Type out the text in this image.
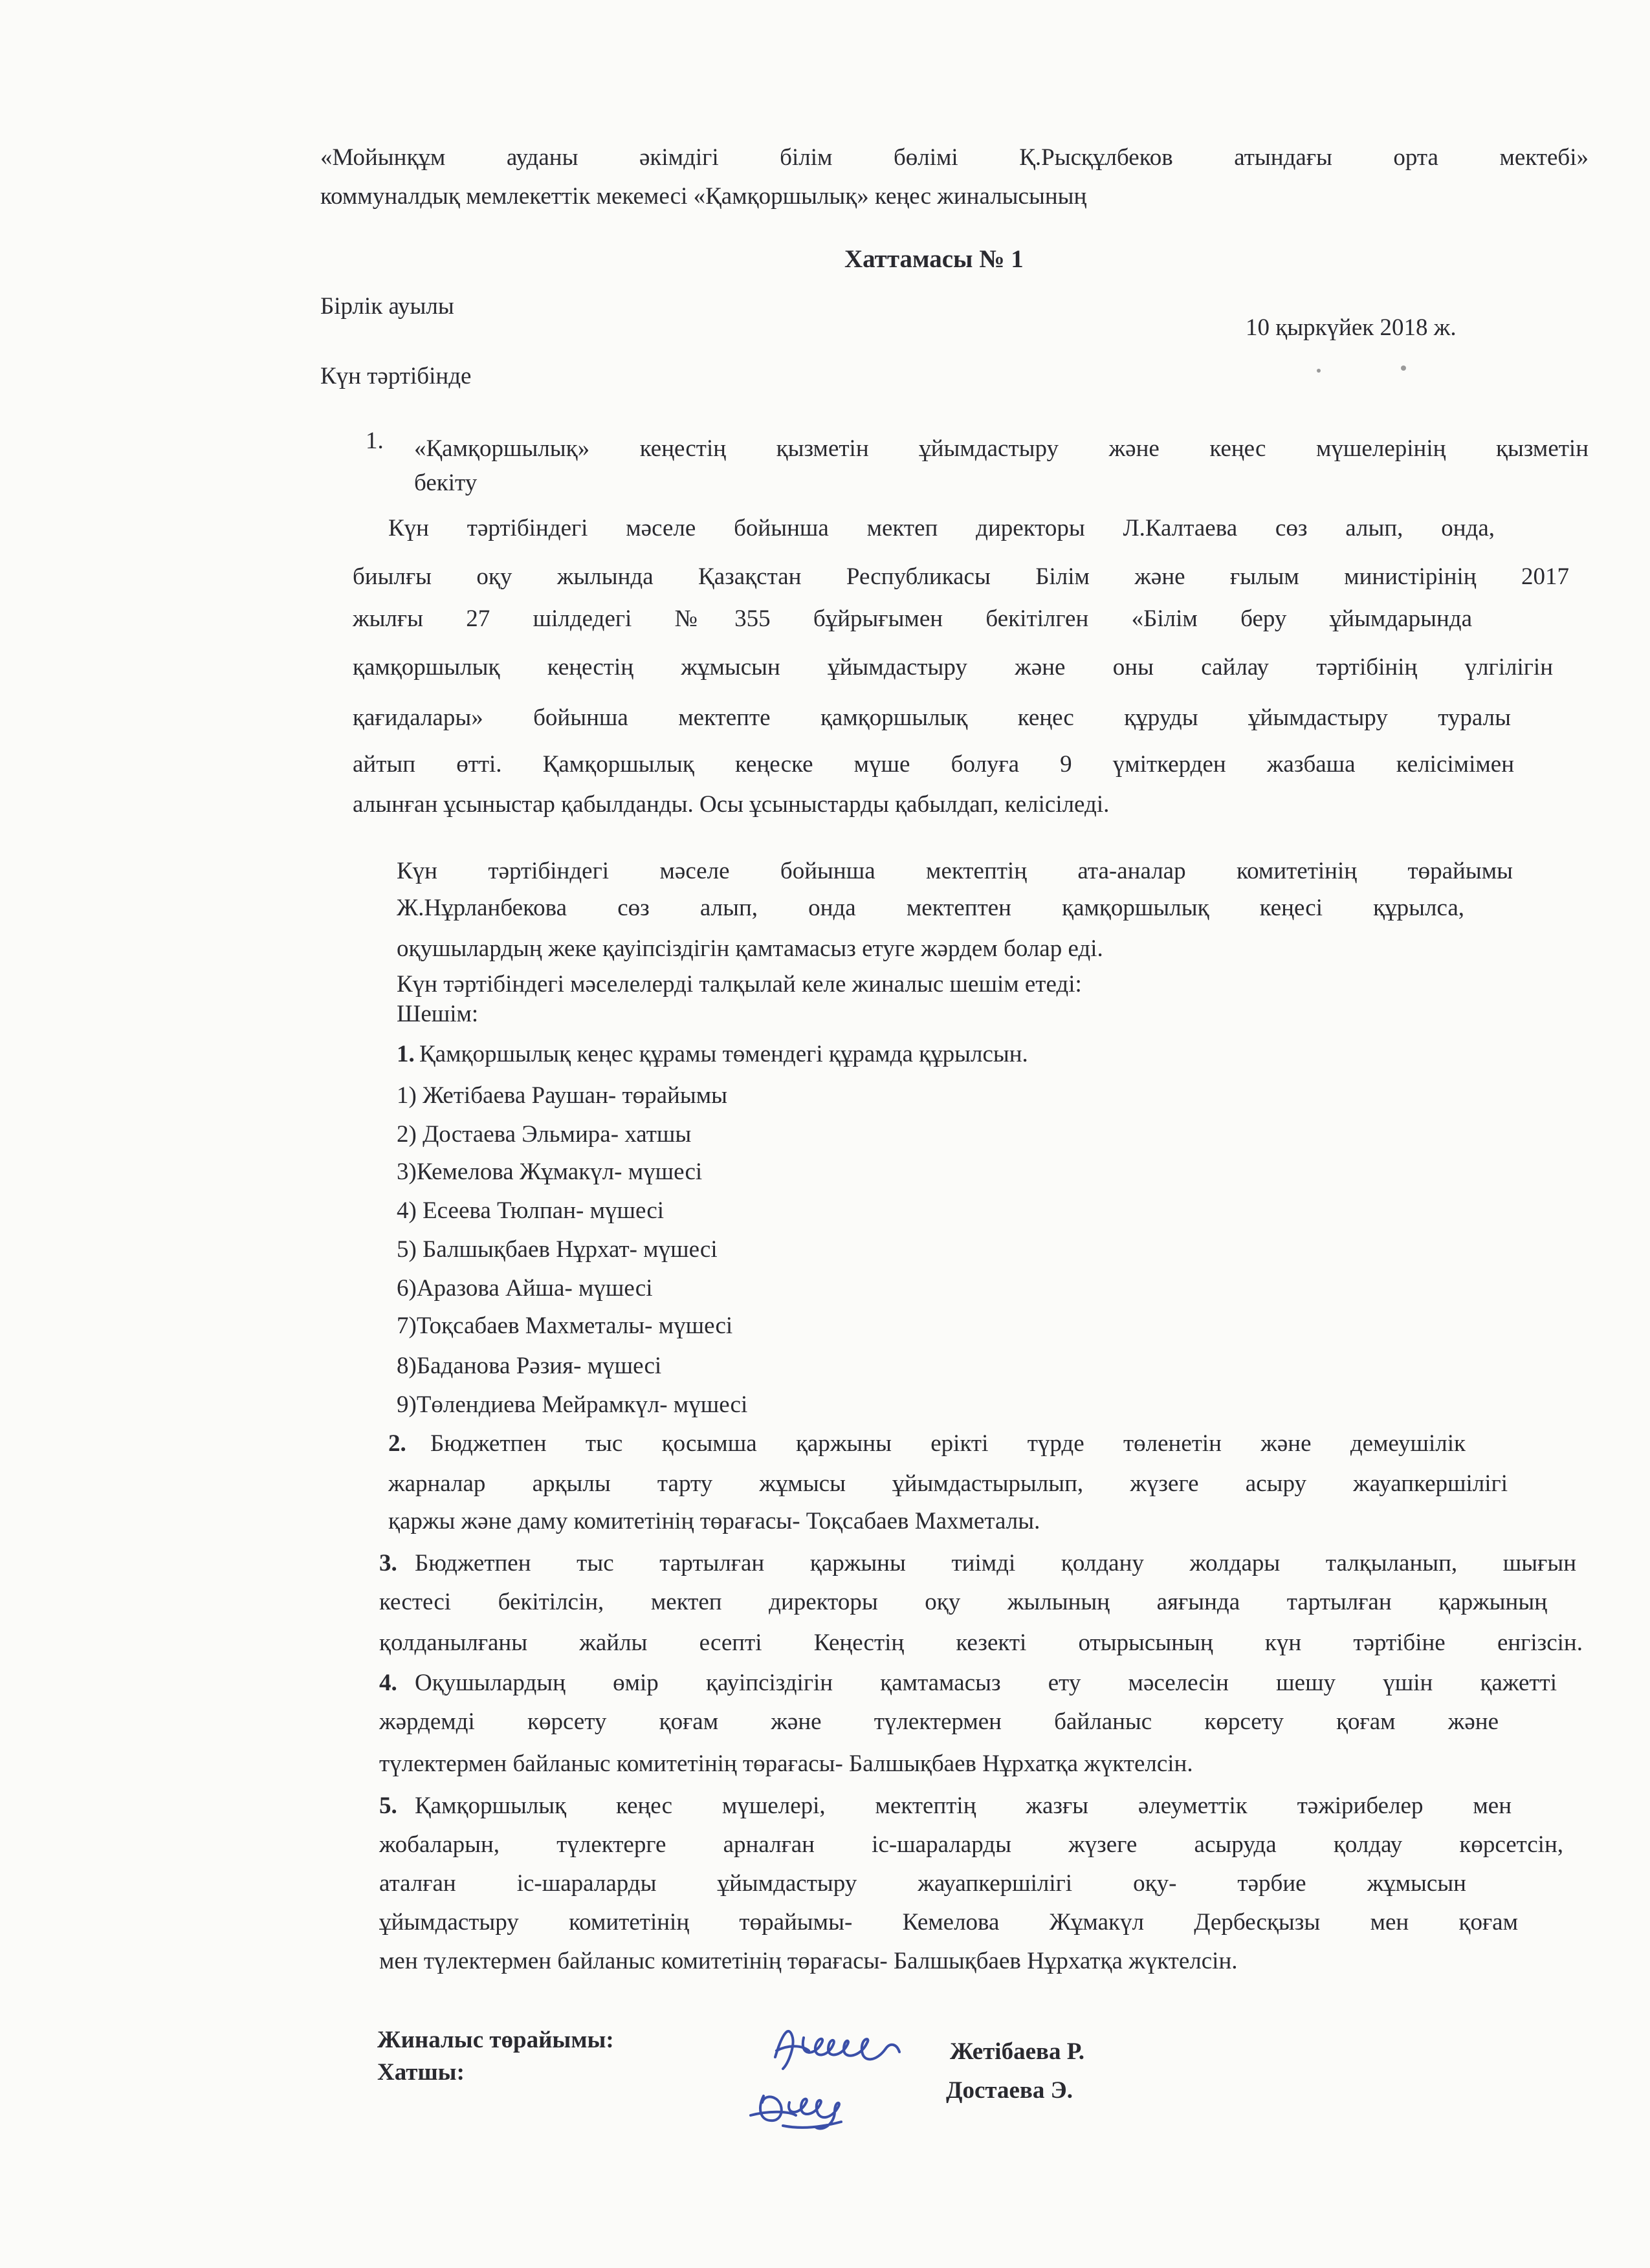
«Мойынқұм ауданы әкімдігі білім бөлімі Қ.Рысқұлбеков атындағы орта мектебі»
коммуналдық мемлекеттік мекемесі «Қамқоршылық» кеңес жиналысының
Хаттамасы № 1
Бірлік ауылы
10 қыркүйек 2018 ж.
Күн тәртібінде
1. «Қамқоршылық» кеңестің қызметін ұйымдастыру және кеңес мүшелерінің қызметін
бекіту
Күн тәртібіндегі мәселе бойынша мектеп директоры Л.Калтаева сөз алып, онда,
биылғы оқу жылында Қазақстан Республикасы Білім және ғылым министірінің 2017
жылғы 27 шілдедегі №355 бұйрығымен бекітілген «Білім беру ұйымдарында
қамқоршылық кеңестің жұмысын ұйымдастыру және оны сайлау тәртібінің үлгілігін
қағидалары» бойынша мектепте қамқоршылық кеңес құруды ұйымдастыру туралы
айтып өтті. Қамқоршылық кеңеске мүше болуға 9 үміткерден жазбаша келісімімен
алынған ұсыныстар қабылданды. Осы ұсыныстарды қабылдап, келісіледі.
Күн тәртібіндегі мәселе бойынша мектептің ата-аналар комитетінің төрайымы
Ж.Нұрланбекова сөз алып, онда мектептен қамқоршылық кеңесі құрылса,
оқушылардың жеке қауіпсіздігін қамтамасыз етуге жәрдем болар еді.
Күн тәртібіндегі мәселелерді талқылай келе жиналыс шешім етеді:
Шешім:
1. Қамқоршылық кеңес құрамы төмендегі құрамда құрылсын.
1) Жетібаева Раушан- төрайымы
2) Достаева Эльмира- хатшы
3)Кемелова Жұмакүл- мүшесі
4) Есеева Тюлпан- мүшесі
5) Балшықбаев Нұрхат- мүшесі
6)Аразова Айша- мүшесі
7)Тоқсабаев Махметалы- мүшесі
8)Баданова Рәзия- мүшесі
9)Төлендиева Мейрамкүл- мүшесі
2. Бюджетпен тыс қосымша қаржыны ерікті түрде төленетін және демеушілік
жарналар арқылы тарту жұмысы ұйымдастырылып, жүзеге асыру жауапкершілігі
қаржы және даму комитетінің төрағасы- Тоқсабаев Махметалы.
3. Бюджетпен тыс тартылған қаржыны тиімді қолдану жолдары талқыланып, шығын
кестесі бекітілсін, мектеп директоры оқу жылының аяғында тартылған қаржының
қолданылғаны жайлы есепті Кеңестің кезекті отырысының күн тәртібіне енгізсін.
4. Оқушылардың өмір қауіпсіздігін қамтамасыз ету мәселесін шешу үшін қажетті
жәрдемді көрсету қоғам және түлектермен байланыс көрсету қоғам және
түлектермен байланыс комитетінің төрағасы- Балшықбаев Нұрхатқа жүктелсін.
5. Қамқоршылық кеңес мүшелері, мектептің жазғы әлеуметтік тәжірибелер мен
жобаларын, түлектерге арналған іс-шараларды жүзеге асыруда қолдау көрсетсін,
аталған іс-шараларды ұйымдастыру жауапкершілігі оқу- тәрбие жұмысын
ұйымдастыру комитетінің төрайымы- Кемелова Жұмакүл Дербесқызы мен қоғам
мен түлектермен байланыс комитетінің төрағасы- Балшықбаев Нұрхатқа жүктелсін.
Жиналыс төрайымы:
Хатшы:
Жетібаева Р.
Достаева Э.
